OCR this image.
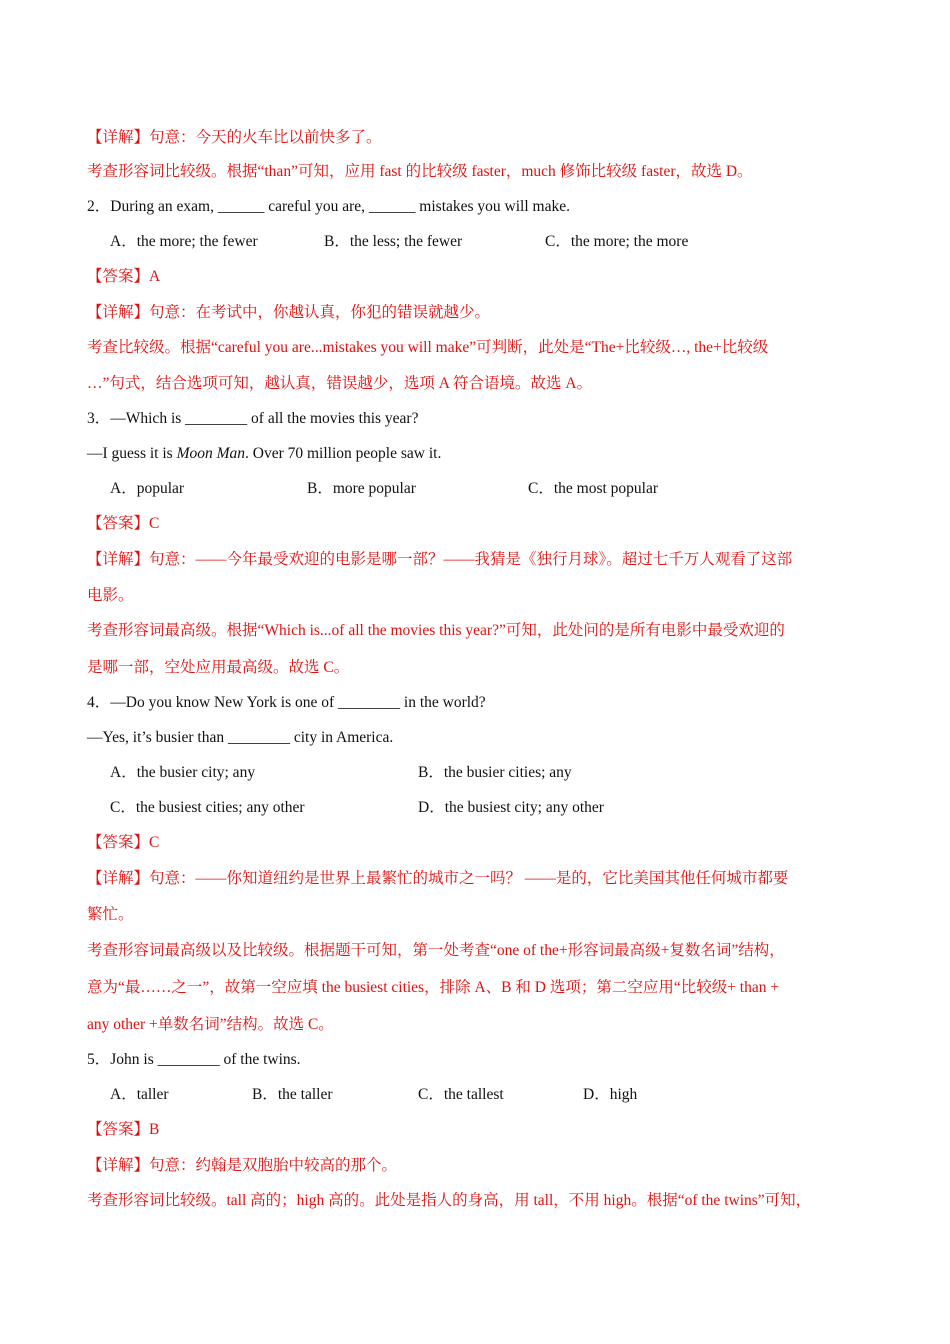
【详解】句意：今天的火车比以前快多了。
考查形容词比较级。根据“than”可知，应用 fast 的比较级 faster，much 修饰比较级 faster，故选 D。
2．During an exam, ______ careful you are, ______ mistakes you will make.
A．the more; the fewer	B．the less; the fewer	C．the more; the more
【答案】A
【详解】句意：在考试中，你越认真，你犯的错误就越少。
考查比较级。根据“careful you are...mistakes you will make”可判断，此处是“The+比较级…, the+比较级
…”句式，结合选项可知，越认真，错误越少，选项 A 符合语境。故选 A。
3．—Which is ________ of all the movies this year?
—I guess it is Moon Man. Over 70 million people saw it.
A．popular	B．more popular	C．the most popular
【答案】C
【详解】句意：——今年最受欢迎的电影是哪一部？——我猜是《独行月球》。超过七千万人观看了这部
电影。
考查形容词最高级。根据“Which is...of all the movies this year?”可知，此处问的是所有电影中最受欢迎的
是哪一部，空处应用最高级。故选 C。
4．—Do you know New York is one of ________ in the world?
—Yes, it’s busier than ________ city in America.
A．the busier city; any	B．the busier cities; any
C．the busiest cities; any other	D．the busiest city; any other
【答案】C
【详解】句意：——你知道纽约是世界上最繁忙的城市之一吗？ ——是的，它比美国其他任何城市都要
繁忙。
考查形容词最高级以及比较级。根据题干可知，第一处考查“one of the+形容词最高级+复数名词”结构，
意为“最……之一”，故第一空应填 the busiest cities，排除 A、B 和 D 选项；第二空应用“比较级+ than +
any other +单数名词”结构。故选 C。
5．John is ________ of the twins.
A．taller	B．the taller	C．the tallest	D．high
【答案】B
【详解】句意：约翰是双胞胎中较高的那个。
考查形容词比较级。tall 高的；high 高的。此处是指人的身高，用 tall，不用 high。根据“of the twins”可知，
